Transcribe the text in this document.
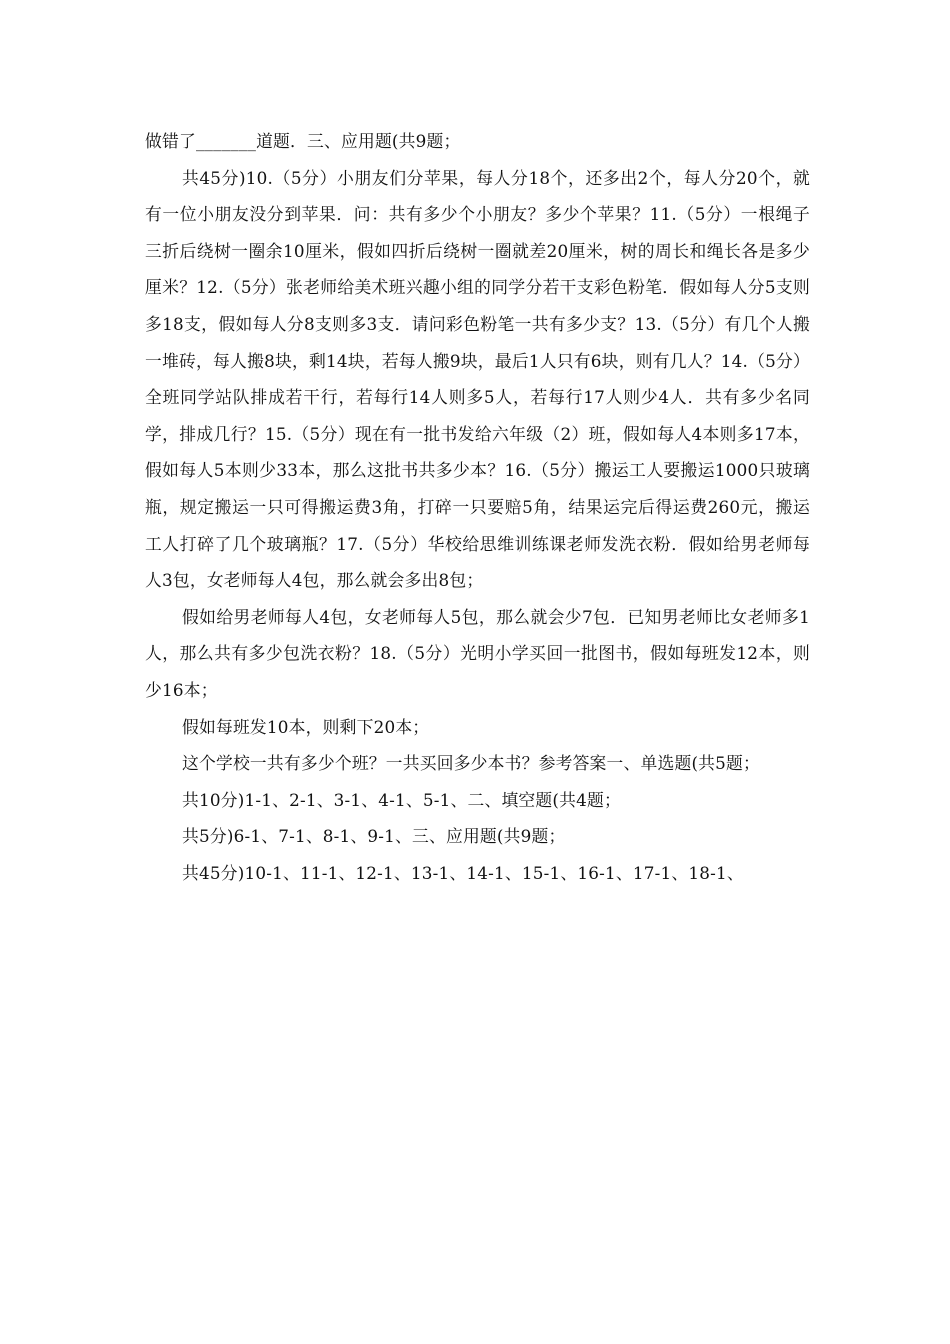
做错了_______道题．三、应用题(共9题；

共45分)10.（5分）小朋友们分苹果，每人分18个，还多出2个，每人分20个，就有一位小朋友没分到苹果．问：共有多少个小朋友？多少个苹果？11.（5分）一根绳子三折后绕树一圈余10厘米，假如四折后绕树一圈就差20厘米，树的周长和绳长各是多少厘米？12.（5分）张老师给美术班兴趣小组的同学分若干支彩色粉笔．假如每人分5支则多18支，假如每人分8支则多3支．请问彩色粉笔一共有多少支？13.（5分）有几个人搬一堆砖，每人搬8块，剩14块，若每人搬9块，最后1人只有6块，则有几人？14.（5分）全班同学站队排成若干行，若每行14人则多5人，若每行17人则少4人．共有多少名同学，排成几行？15.（5分）现在有一批书发给六年级（2）班，假如每人4本则多17本，假如每人5本则少33本，那么这批书共多少本？16.（5分）搬运工人要搬运1000只玻璃瓶，规定搬运一只可得搬运费3角，打碎一只要赔5角，结果运完后得运费260元，搬运工人打碎了几个玻璃瓶？17.（5分）华校给思维训练课老师发洗衣粉．假如给男老师每人3包，女老师每人4包，那么就会多出8包；

假如给男老师每人4包，女老师每人5包，那么就会少7包．已知男老师比女老师多1人，那么共有多少包洗衣粉？18.（5分）光明小学买回一批图书，假如每班发12本，则少16本；

假如每班发10本，则剩下20本；

这个学校一共有多少个班？一共买回多少本书？参考答案一、单选题(共5题；

共10分)1-1、2-1、3-1、4-1、5-1、二、填空题(共4题；

共5分)6-1、7-1、8-1、9-1、三、应用题(共9题；

共45分)10-1、11-1、12-1、13-1、14-1、15-1、16-1、17-1、18-1、
